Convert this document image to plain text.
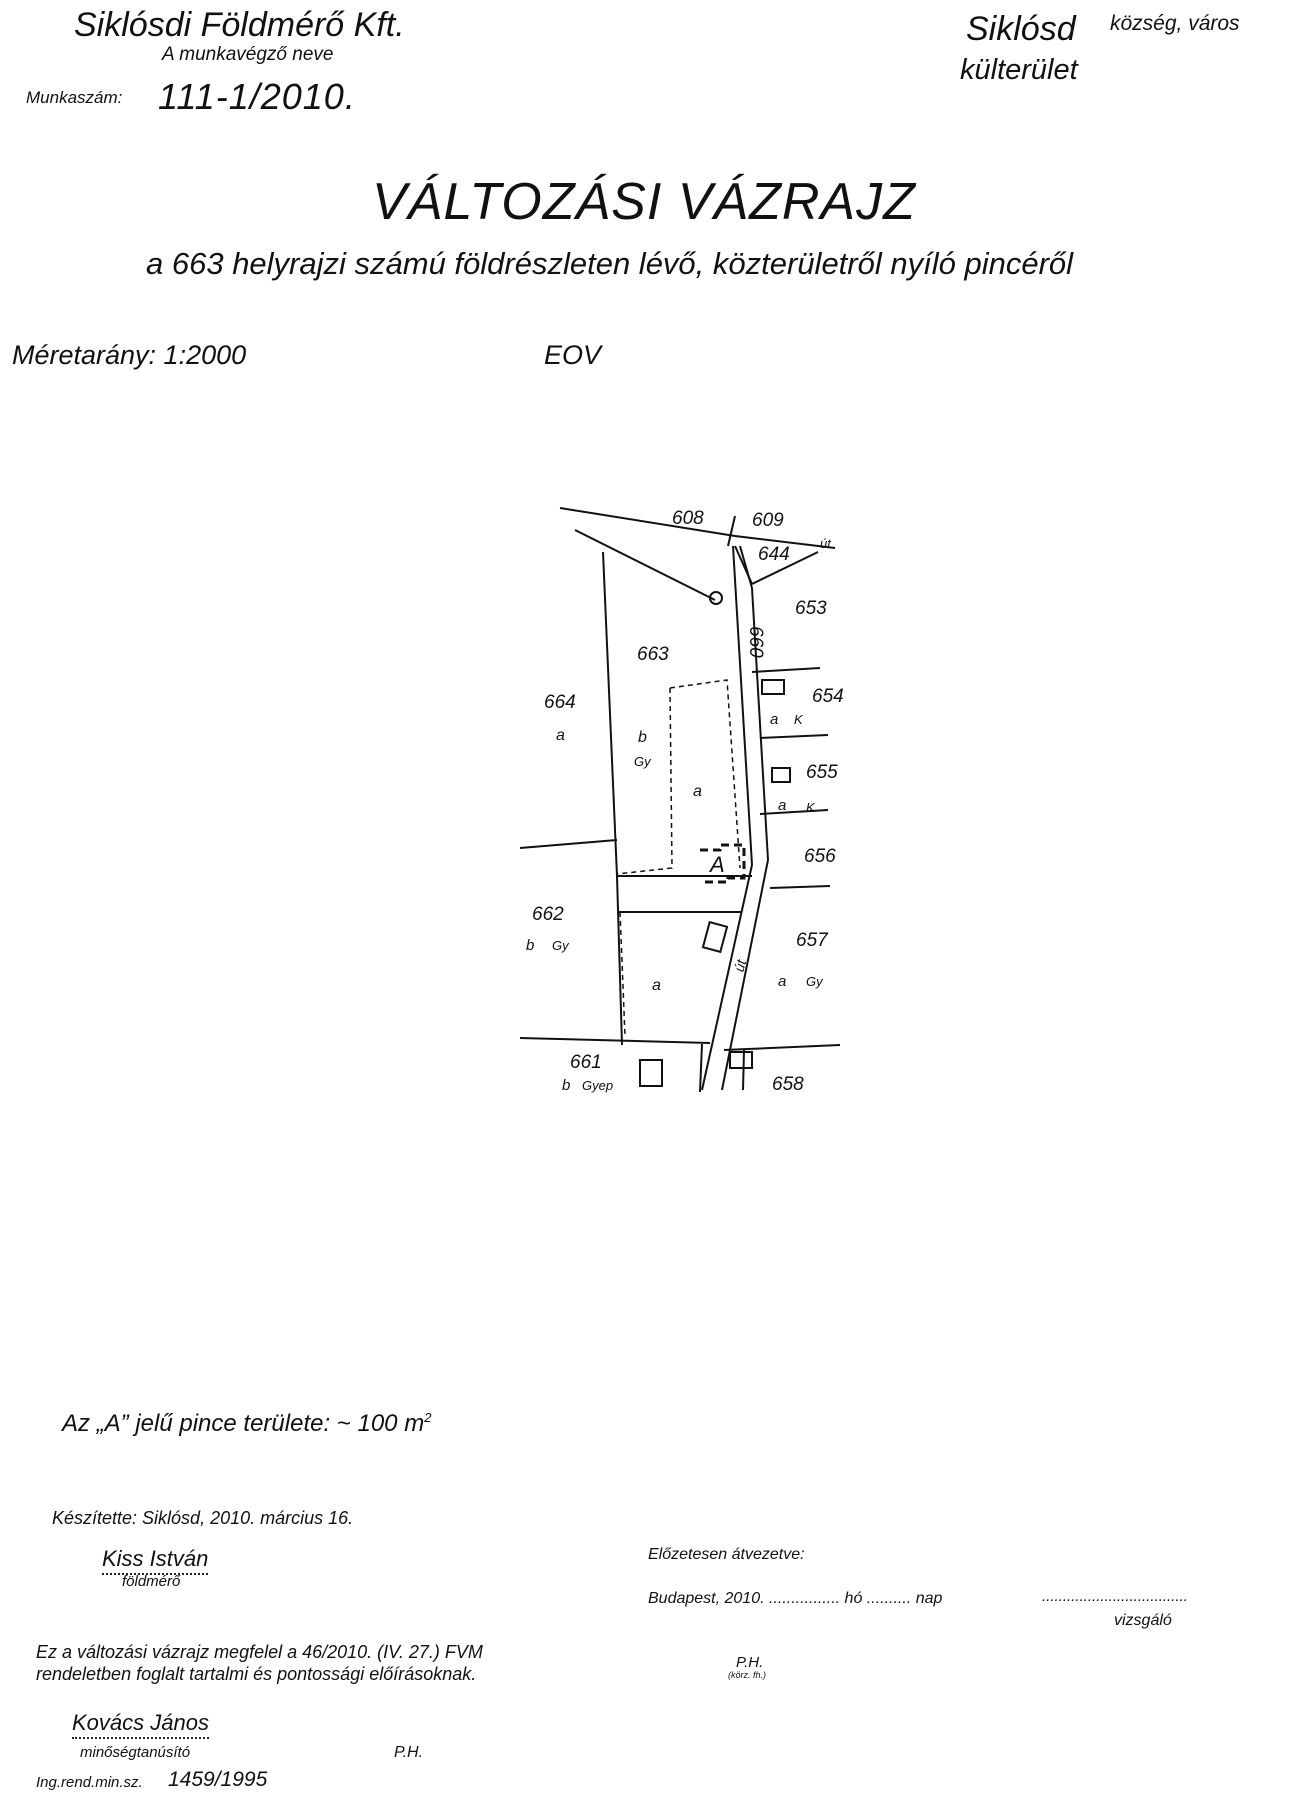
Siklósdi Földmérő Kft.
A munkavégző neve
Munkaszám: 111-1/2010.
Siklósd község, város
külterület
VÁLTOZÁSI VÁZRAJZ
a 663 helyrajzi számú földrészleten lévő, közterületről nyíló pincéről
Méretarány: 1:2000	EOV
608	609
644
út
653
660
663
664
a	b
Gy
a
654
a K
655
a K
656
A
662
b Gy	657
a Gy
út
a
661
b Gyep	658
Az „A” jelű pince területe: ~ 100 $m^2$
Készítette: Siklósd, 2010. március 16.
Kiss István
földmérő
Ez a változási vázrajz megfelel a 46/2010. (IV. 27.) FVM
rendeletben foglalt tartalmi és pontossági előírásoknak.
Kovács János
minőségtanúsító	P.H.
Ing.rend.min.sz. 1459/1995
Előzetesen átvezetve:
Budapest, 2010. ................ hó .......... nap	...................................
vizsgáló
P.H.
(körz. fh.)
